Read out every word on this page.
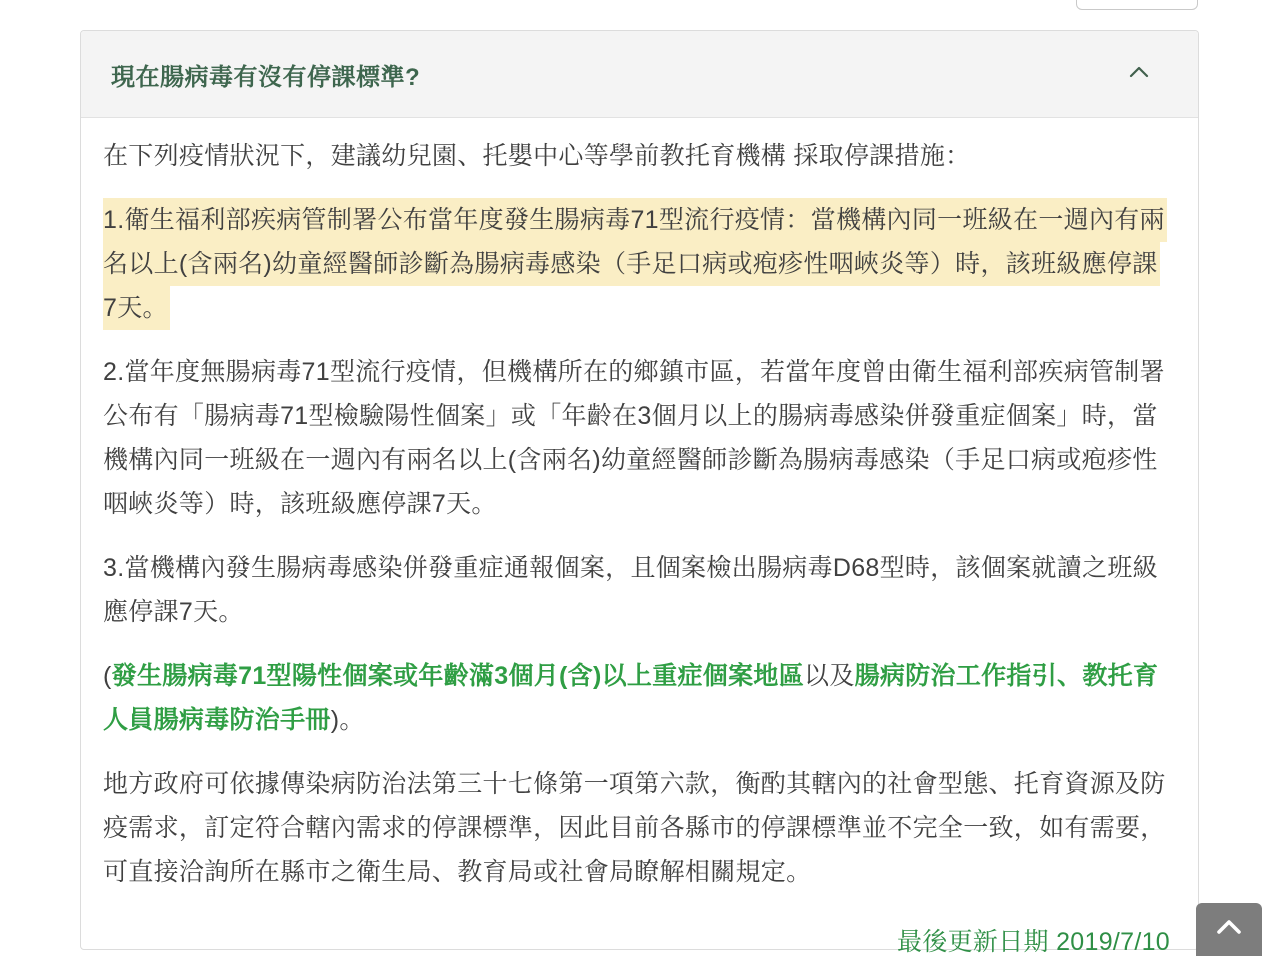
現在腸病毒有沒有停課標準?

在下列疫情狀況下，建議幼兒園、托嬰中心等學前教托育機構 採取停課措施：

1.衛生福利部疾病管制署公布當年度發生腸病毒71型流行疫情：當機構內同一班級在一週內有兩名以上(含兩名)幼童經醫師診斷為腸病毒感染（手足口病或疱疹性咽峽炎等）時，該班級應停課7天。

2.當年度無腸病毒71型流行疫情，但機構所在的鄉鎮市區，若當年度曾由衛生福利部疾病管制署公布有「腸病毒71型檢驗陽性個案」或「年齡在3個月以上的腸病毒感染併發重症個案」時，當機構內同一班級在一週內有兩名以上(含兩名)幼童經醫師診斷為腸病毒感染（手足口病或疱疹性咽峽炎等）時，該班級應停課7天。

3.當機構內發生腸病毒感染併發重症通報個案，且個案檢出腸病毒D68型時，該個案就讀之班級應停課7天。

(發生腸病毒71型陽性個案或年齡滿3個月(含)以上重症個案地區以及腸病防治工作指引、教托育人員腸病毒防治手冊)。

地方政府可依據傳染病防治法第三十七條第一項第六款，衡酌其轄內的社會型態、托育資源及防疫需求，訂定符合轄內需求的停課標準，因此目前各縣市的停課標準並不完全一致，如有需要，可直接洽詢所在縣市之衛生局、教育局或社會局瞭解相關規定。

最後更新日期 2019/7/10
